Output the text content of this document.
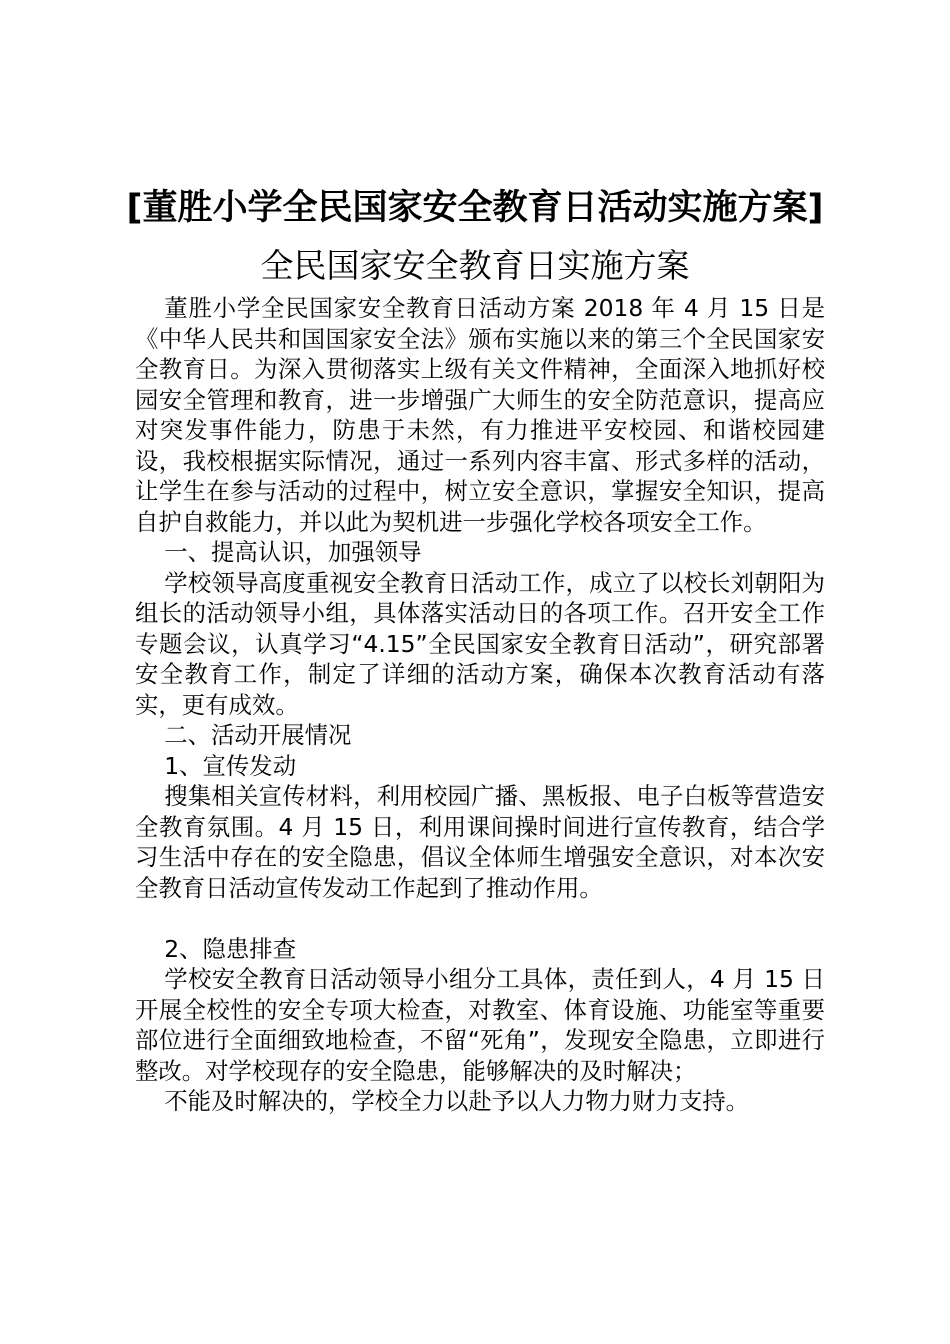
[董胜小学全民国家安全教育日活动实施方案]
全民国家安全教育日实施方案

董胜小学全民国家安全教育日活动方案 2018 年 4 月 15 日是《中华人民共和国国家安全法》颁布实施以来的第三个全民国家安全教育日。为深入贯彻落实上级有关文件精神，全面深入地抓好校园安全管理和教育，进一步增强广大师生的安全防范意识，提高应对突发事件能力，防患于未然，有力推进平安校园、和谐校园建设，我校根据实际情况，通过一系列内容丰富、形式多样的活动，让学生在参与活动的过程中，树立安全意识，掌握安全知识，提高自护自救能力，并以此为契机进一步强化学校各项安全工作。

一、提高认识，加强领导

学校领导高度重视安全教育日活动工作，成立了以校长刘朝阳为组长的活动领导小组，具体落实活动日的各项工作。召开安全工作专题会议，认真学习“4.15”全民国家安全教育日活动”，研究部署安全教育工作，制定了详细的活动方案，确保本次教育活动有落实，更有成效。

二、活动开展情况

1、宣传发动

搜集相关宣传材料，利用校园广播、黑板报、电子白板等营造安全教育氛围。4 月 15 日，利用课间操时间进行宣传教育，结合学习生活中存在的安全隐患，倡议全体师生增强安全意识，对本次安全教育日活动宣传发动工作起到了推动作用。

2、隐患排查

学校安全教育日活动领导小组分工具体，责任到人，4 月 15 日开展全校性的安全专项大检查，对教室、体育设施、功能室等重要部位进行全面细致地检查，不留“死角”，发现安全隐患，立即进行整改。对学校现存的安全隐患，能够解决的及时解决；

不能及时解决的，学校全力以赴予以人力物力财力支持。
